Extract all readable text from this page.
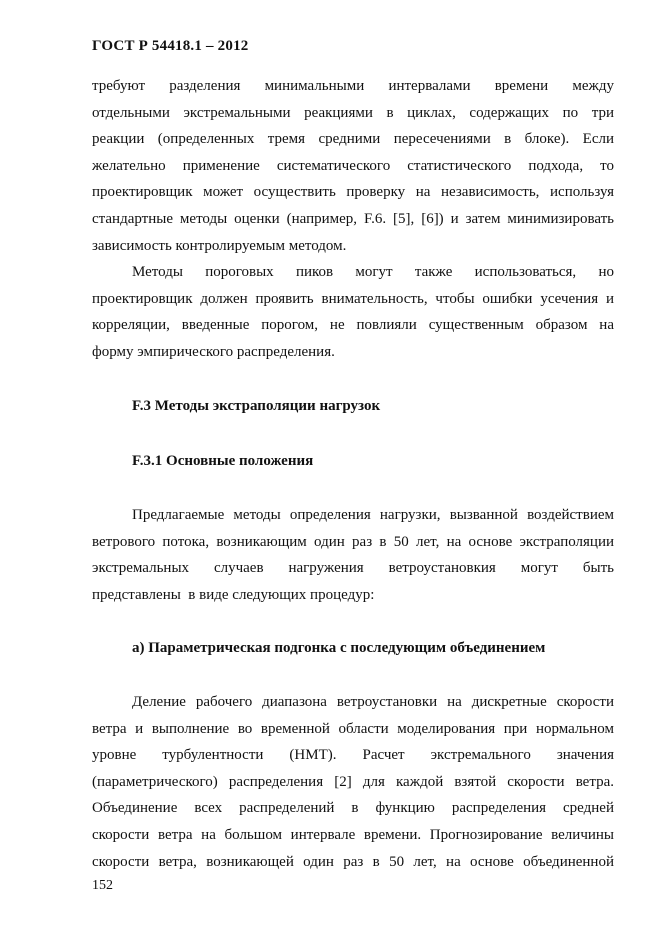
ГОСТ Р 54418.1 – 2012
требуют разделения минимальными интервалами времени между
отдельными экстремальными реакциями в циклах, содержащих по три
реакции (определенных тремя средними пересечениями в блоке). Если
желательно применение систематического статистического подхода, то
проектировщик может осуществить проверку на независимость, используя
стандартные методы оценки (например, F.6. [5], [6]) и затем минимизировать
зависимость контролируемым методом.
Методы пороговых пиков могут также использоваться, но
проектировщик должен проявить внимательность, чтобы ошибки усечения и
корреляции, введенные порогом, не повлияли существенным образом на
форму эмпирического распределения.
F.3 Методы экстраполяции нагрузок
F.3.1 Основные положения
Предлагаемые методы определения нагрузки, вызванной воздействием
ветрового потока, возникающим один раз в 50 лет, на основе экстраполяции
экстремальных случаев нагружения ветроустановкия могут быть
представлены  в виде следующих процедур:
а) Параметрическая подгонка с последующим объединением
Деление рабочего диапазона ветроустановки на дискретные скорости
ветра и выполнение во временной области моделирования при нормальном
уровне турбулентности (НМТ). Расчет экстремального значения
(параметрического) распределения [2] для каждой взятой скорости ветра.
Объединение всех распределений в функцию распределения средней
скорости ветра на большом интервале времени. Прогнозирование величины
скорости ветра, возникающей один раз в 50 лет, на основе объединенной
152
